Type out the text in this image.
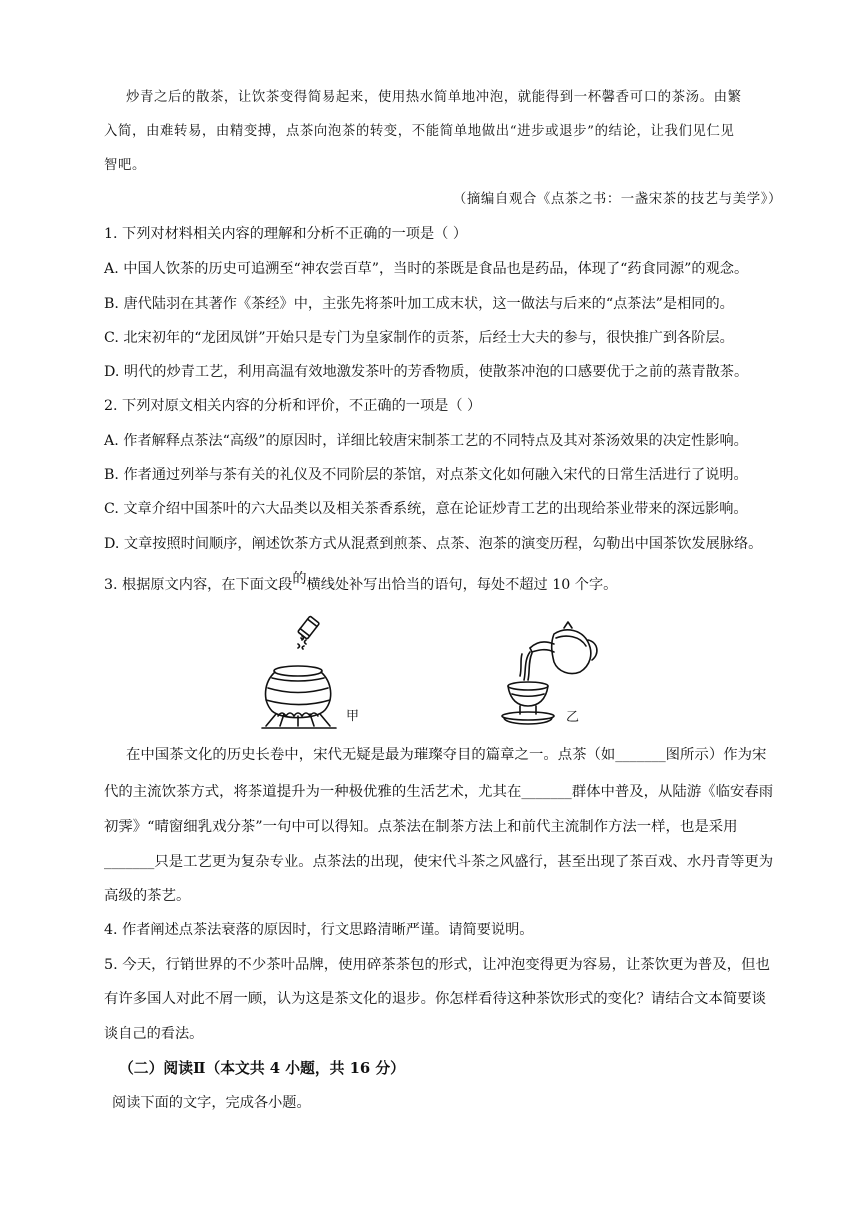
炒青之后的散茶，让饮茶变得简易起来，使用热水简单地冲泡，就能得到一杯馨香可口的茶汤。由繁
入简，由难转易，由精变搏，点茶向泡茶的转变，不能简单地做出“进步或退步”的结论，让我们见仁见
智吧。
（摘编自观合《点茶之书：一盏宋茶的技艺与美学》）
1. 下列对材料相关内容的理解和分析不正确的一项是（ ）
A. 中国人饮茶的历史可追溯至“神农尝百草”，当时的茶既是食品也是药品，体现了“药食同源”的观念。
B. 唐代陆羽在其著作《茶经》中，主张先将茶叶加工成末状，这一做法与后来的“点茶法”是相同的。
C. 北宋初年的“龙团凤饼”开始只是专门为皇家制作的贡茶，后经士大夫的参与，很快推广到各阶层。
D. 明代的炒青工艺，利用高温有效地激发茶叶的芳香物质，使散茶冲泡的口感要优于之前的蒸青散茶。
2. 下列对原文相关内容的分析和评价，不正确的一项是（ ）
A. 作者解释点茶法“高级”的原因时，详细比较唐宋制茶工艺的不同特点及其对茶汤效果的决定性影响。
B. 作者通过列举与茶有关的礼仪及不同阶层的茶馆，对点茶文化如何融入宋代的日常生活进行了说明。
C. 文章介绍中国茶叶的六大品类以及相关茶香系统，意在论证炒青工艺的出现给茶业带来的深远影响。
D. 文章按照时间顺序，阐述饮茶方式从混煮到煎茶、点茶、泡茶的演变历程，勾勒出中国茶饮发展脉络。
3. 根据原文内容，在下面文段的横线处补写出恰当的语句，每处不超过 10 个字。
甲	乙
在中国茶文化的历史长卷中，宋代无疑是最为璀璨夺目的篇章之一。点茶（如_______图所示）作为宋
代的主流饮茶方式，将茶道提升为一种极优雅的生活艺术，尤其在_______群体中普及，从陆游《临安春雨
初霁》“晴窗细乳戏分茶”一句中可以得知。点茶法在制茶方法上和前代主流制作方法一样，也是采用
_______只是工艺更为复杂专业。点茶法的出现，使宋代斗茶之风盛行，甚至出现了茶百戏、水丹青等更为
高级的茶艺。
4. 作者阐述点茶法衰落的原因时，行文思路清晰严谨。请简要说明。
5. 今天，行销世界的不少茶叶品牌，使用碎茶茶包的形式，让冲泡变得更为容易，让茶饮更为普及，但也
有许多国人对此不屑一顾，认为这是茶文化的退步。你怎样看待这种茶饮形式的变化？请结合文本简要谈
谈自己的看法。
（二）阅读Ⅱ（本文共 4 小题，共 16 分）
阅读下面的文字，完成各小题。
